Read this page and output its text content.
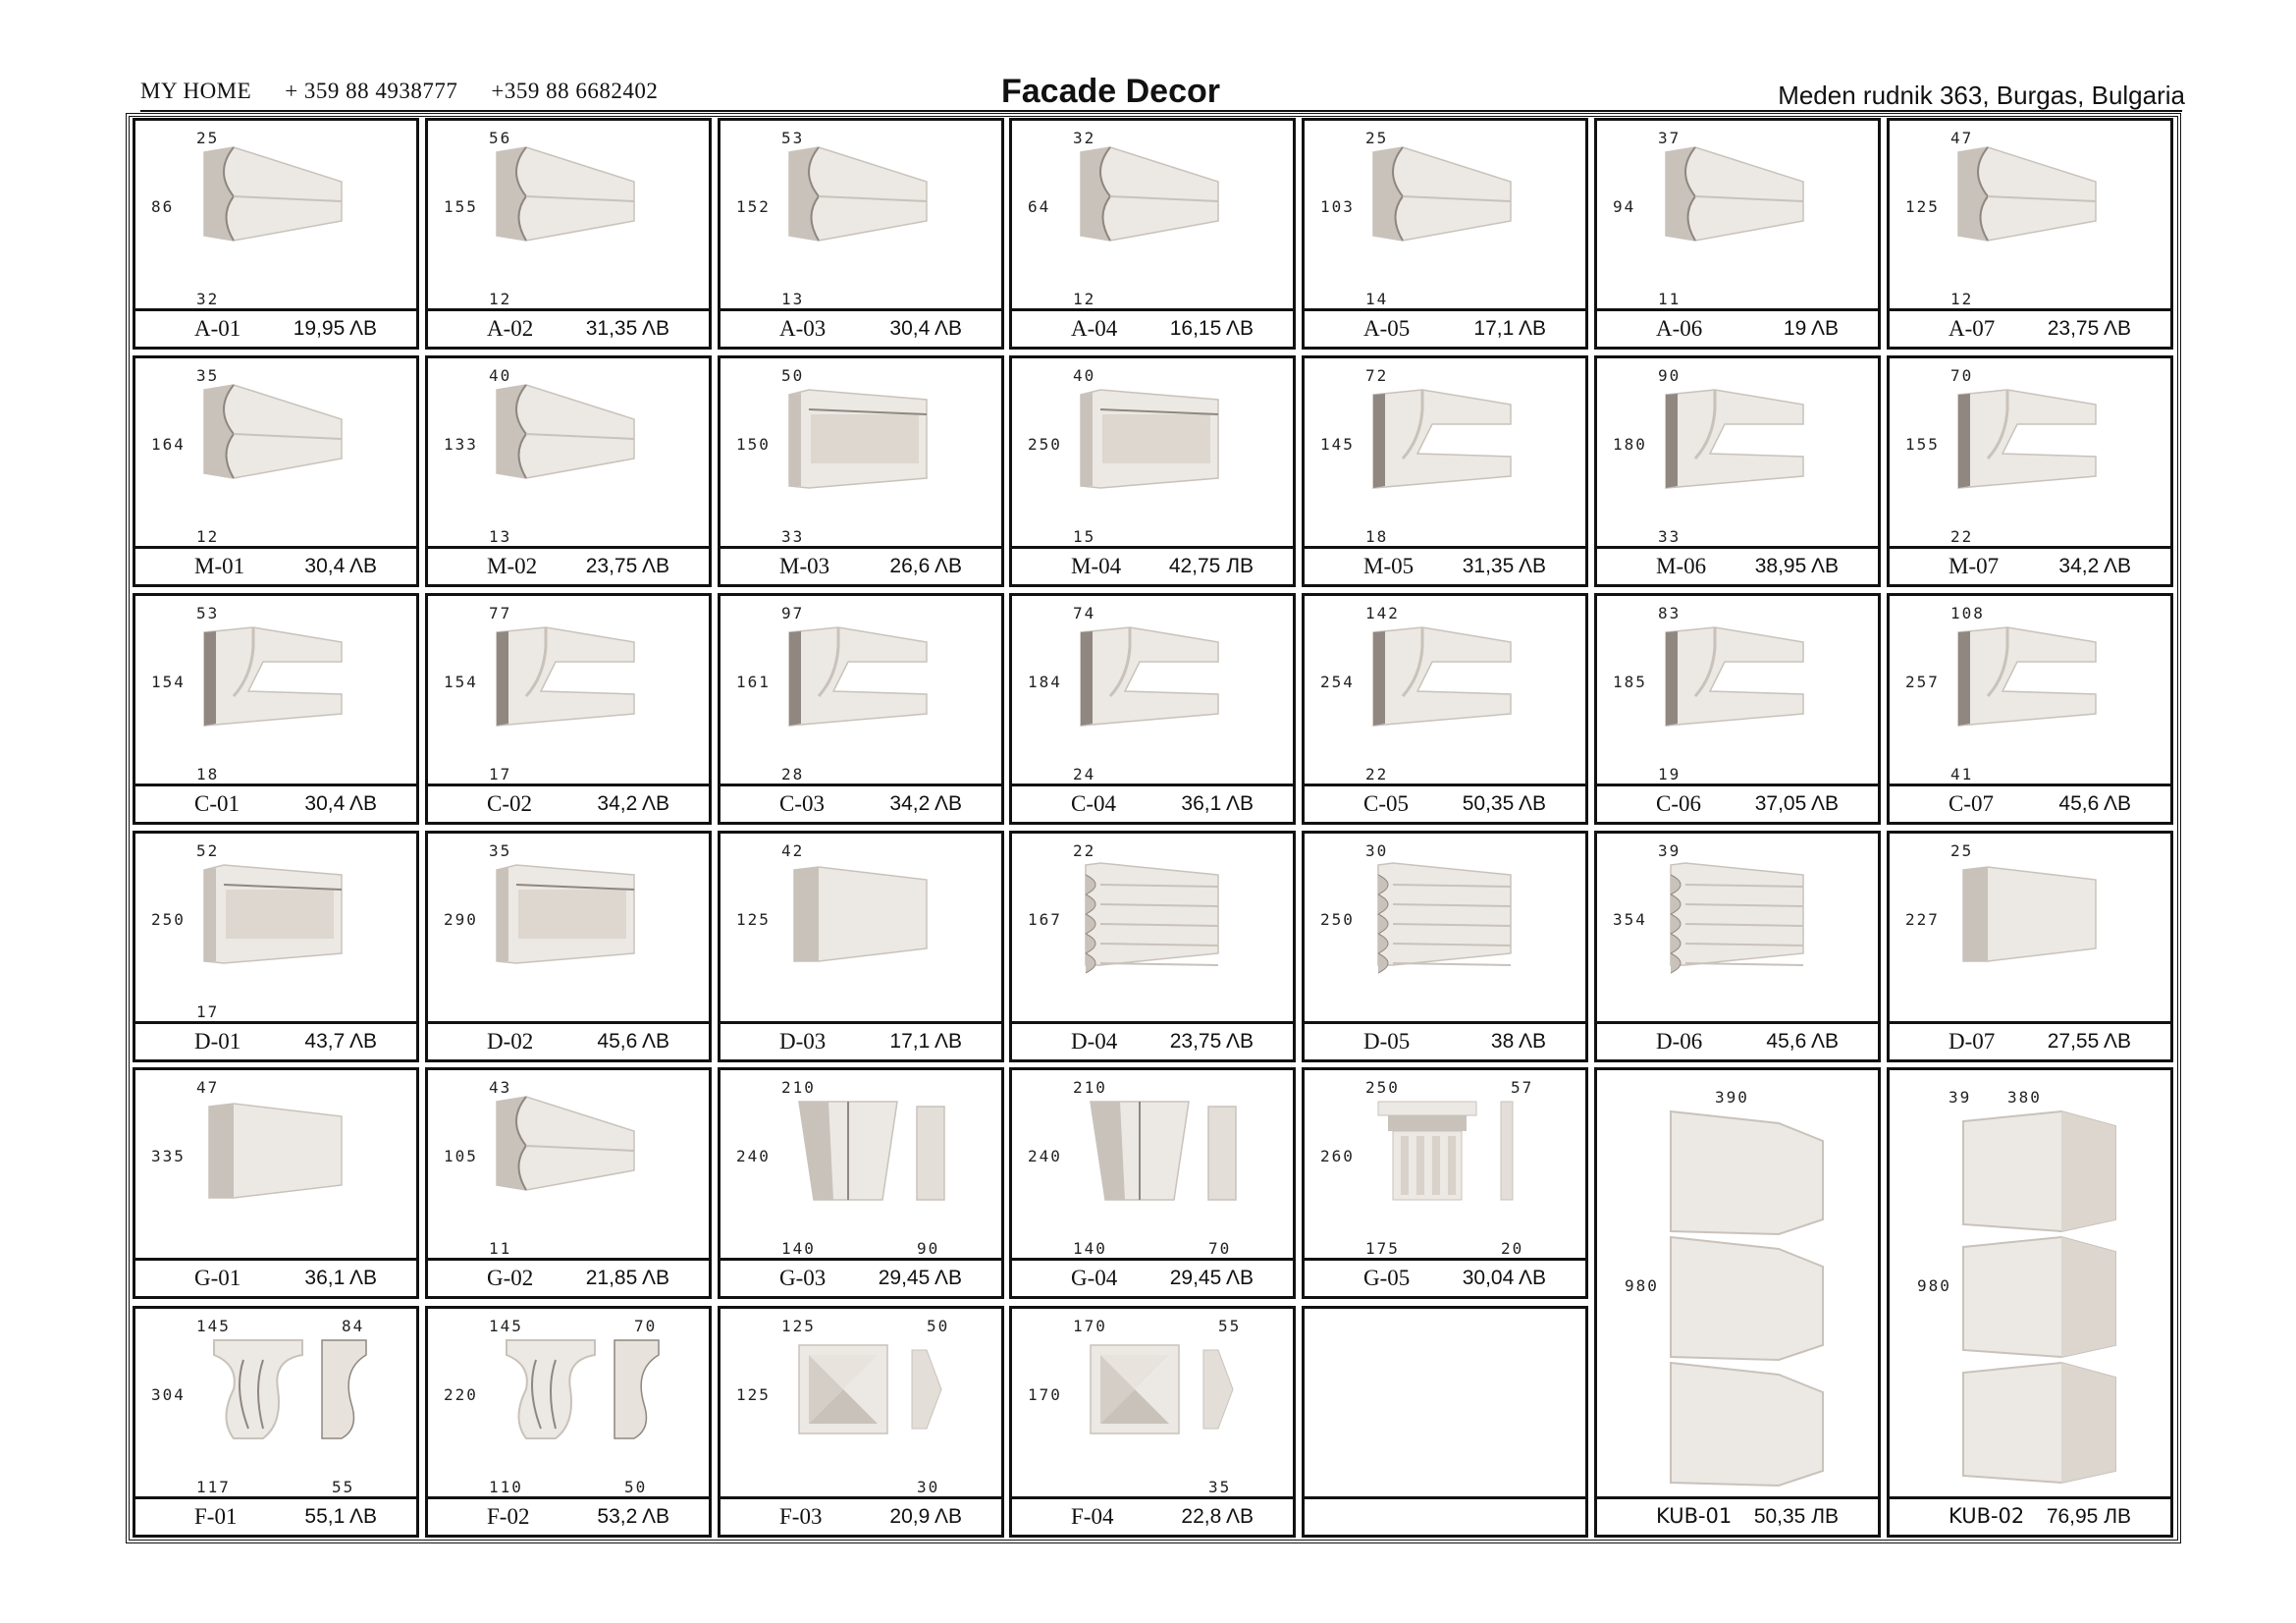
MY HOME + 359 88 4938777 +359 88 6682402	Facade Decor	Meden rudnik 363, Burgas, Bulgaria
25
86
32
A-01	19,95 ΛВ
56
155
12
A-02	31,35 ΛВ
53
152
13
A-03	30,4 ΛВ
32
64
12
A-04	16,15 ΛВ
25
103
14
A-05	17,1 ΛВ
37
94
11
A-06	19 ΛВ
47
125
12
A-07	23,75 ΛВ
35
164
12
M-01	30,4 ΛВ
40
133
13
M-02 23,75 ΛВ
50
150
33
M-03	26,6 ΛВ
40
250
15
M-04 42,75 ЛВ
72
145
18
M-05 31,35 ΛВ
90
180
33
M-06 38,95 ΛВ
70
155
22
M-07	34,2 ΛВ
53
154
18
C-01	30,4 ΛВ
77
154
17
C-02	34,2 ΛВ
97
161
28
C-03	34,2 ΛВ
74
184
24
C-04	36,1 ΛВ
142
254
22
C-05	50,35 ΛВ
83
185
19
C-06	37,05 ΛВ
108
257
41
C-07	45,6 ΛВ
52
250
17
D-01	43,7 ΛВ
35
290
D-02	45,6 ΛВ
42
125
D-03	17,1 ΛВ
22
167
D-04	23,75 ΛВ
30
250
D-05	38 ΛВ
39
354
D-06	45,6 ΛВ
25
227
D-07	27,55 ΛВ
47
335
G-01	36,1 ΛВ
43
105
11
G-02	21,85 ΛВ
210
240
140	90
G-03	29,45 ΛВ
210
240
140	70
G-04	29,45 ΛВ
250
260
175
57
20
G-05	30,04 ΛВ
145
304
117
84
55
F-01	55,1 ΛВ
145
220
110
70
50
F-02	53,2 ΛВ
125
125
50
30
F-03	20,9 ΛВ
170
170
55
35
F-04	22,8 ΛВ
390
980
KUB-01 50,35 ЛВ
380
39
980
KUB-02 76,95 ЛВ
